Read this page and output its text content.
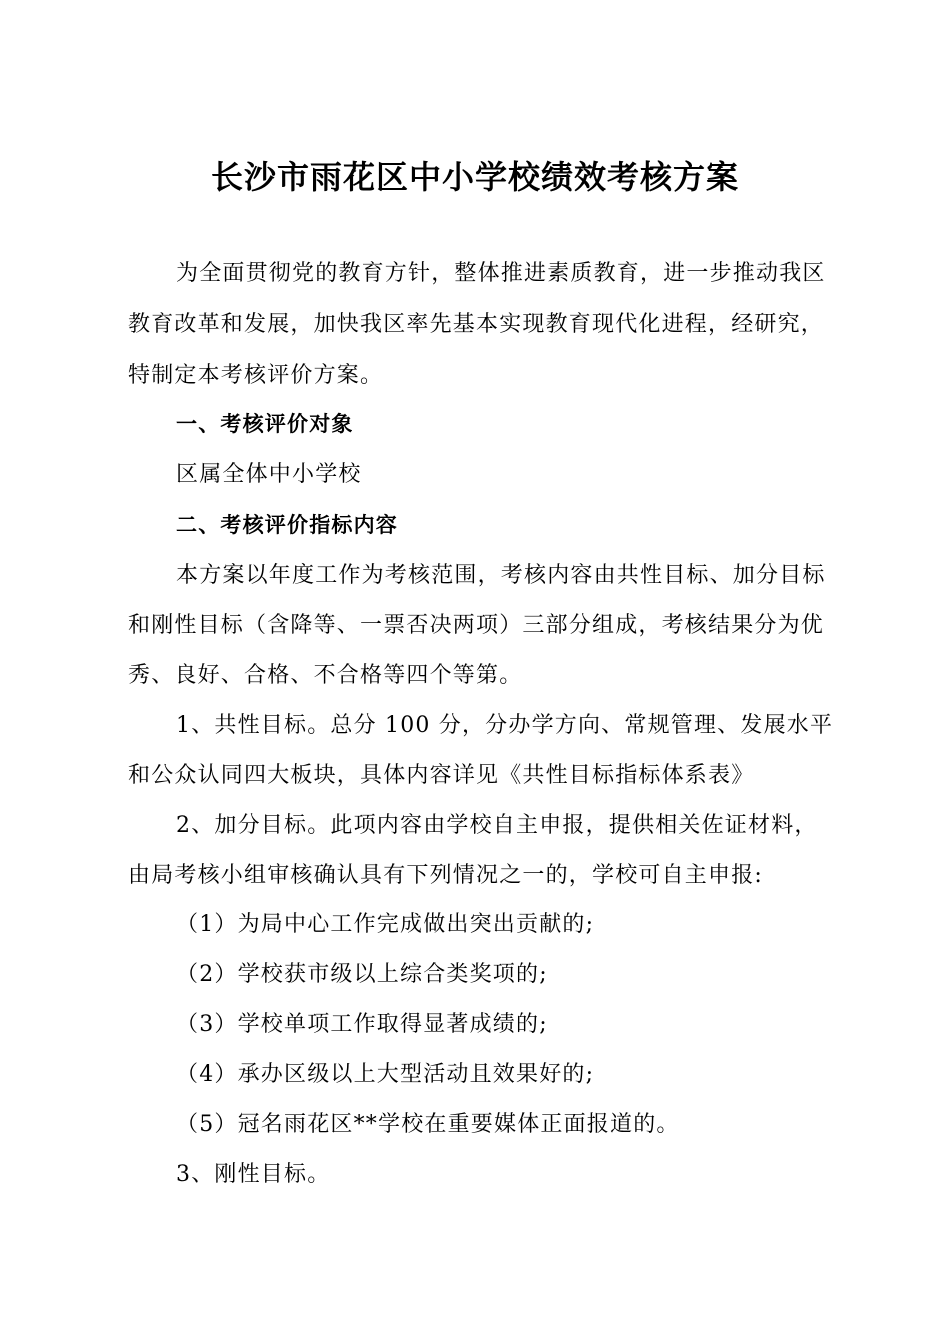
长沙市雨花区中小学校绩效考核方案
为全面贯彻党的教育方针，整体推进素质教育，进一步推动我区
教育改革和发展，加快我区率先基本实现教育现代化进程，经研究，
特制定本考核评价方案。
一、考核评价对象
区属全体中小学校
二、考核评价指标内容
本方案以年度工作为考核范围，考核内容由共性目标、加分目标
和刚性目标（含降等、一票否决两项）三部分组成，考核结果分为优
秀、良好、合格、不合格等四个等第。
1、共性目标。总分 100 分，分办学方向、常规管理、发展水平
和公众认同四大板块，具体内容详见《共性目标指标体系表》
2、加分目标。此项内容由学校自主申报，提供相关佐证材料，
由局考核小组审核确认具有下列情况之一的，学校可自主申报:
（1）为局中心工作完成做出突出贡献的;
（2）学校获市级以上综合类奖项的;
（3）学校单项工作取得显著成绩的;
（4）承办区级以上大型活动且效果好的;
（5）冠名雨花区**学校在重要媒体正面报道的。
3、刚性目标。
